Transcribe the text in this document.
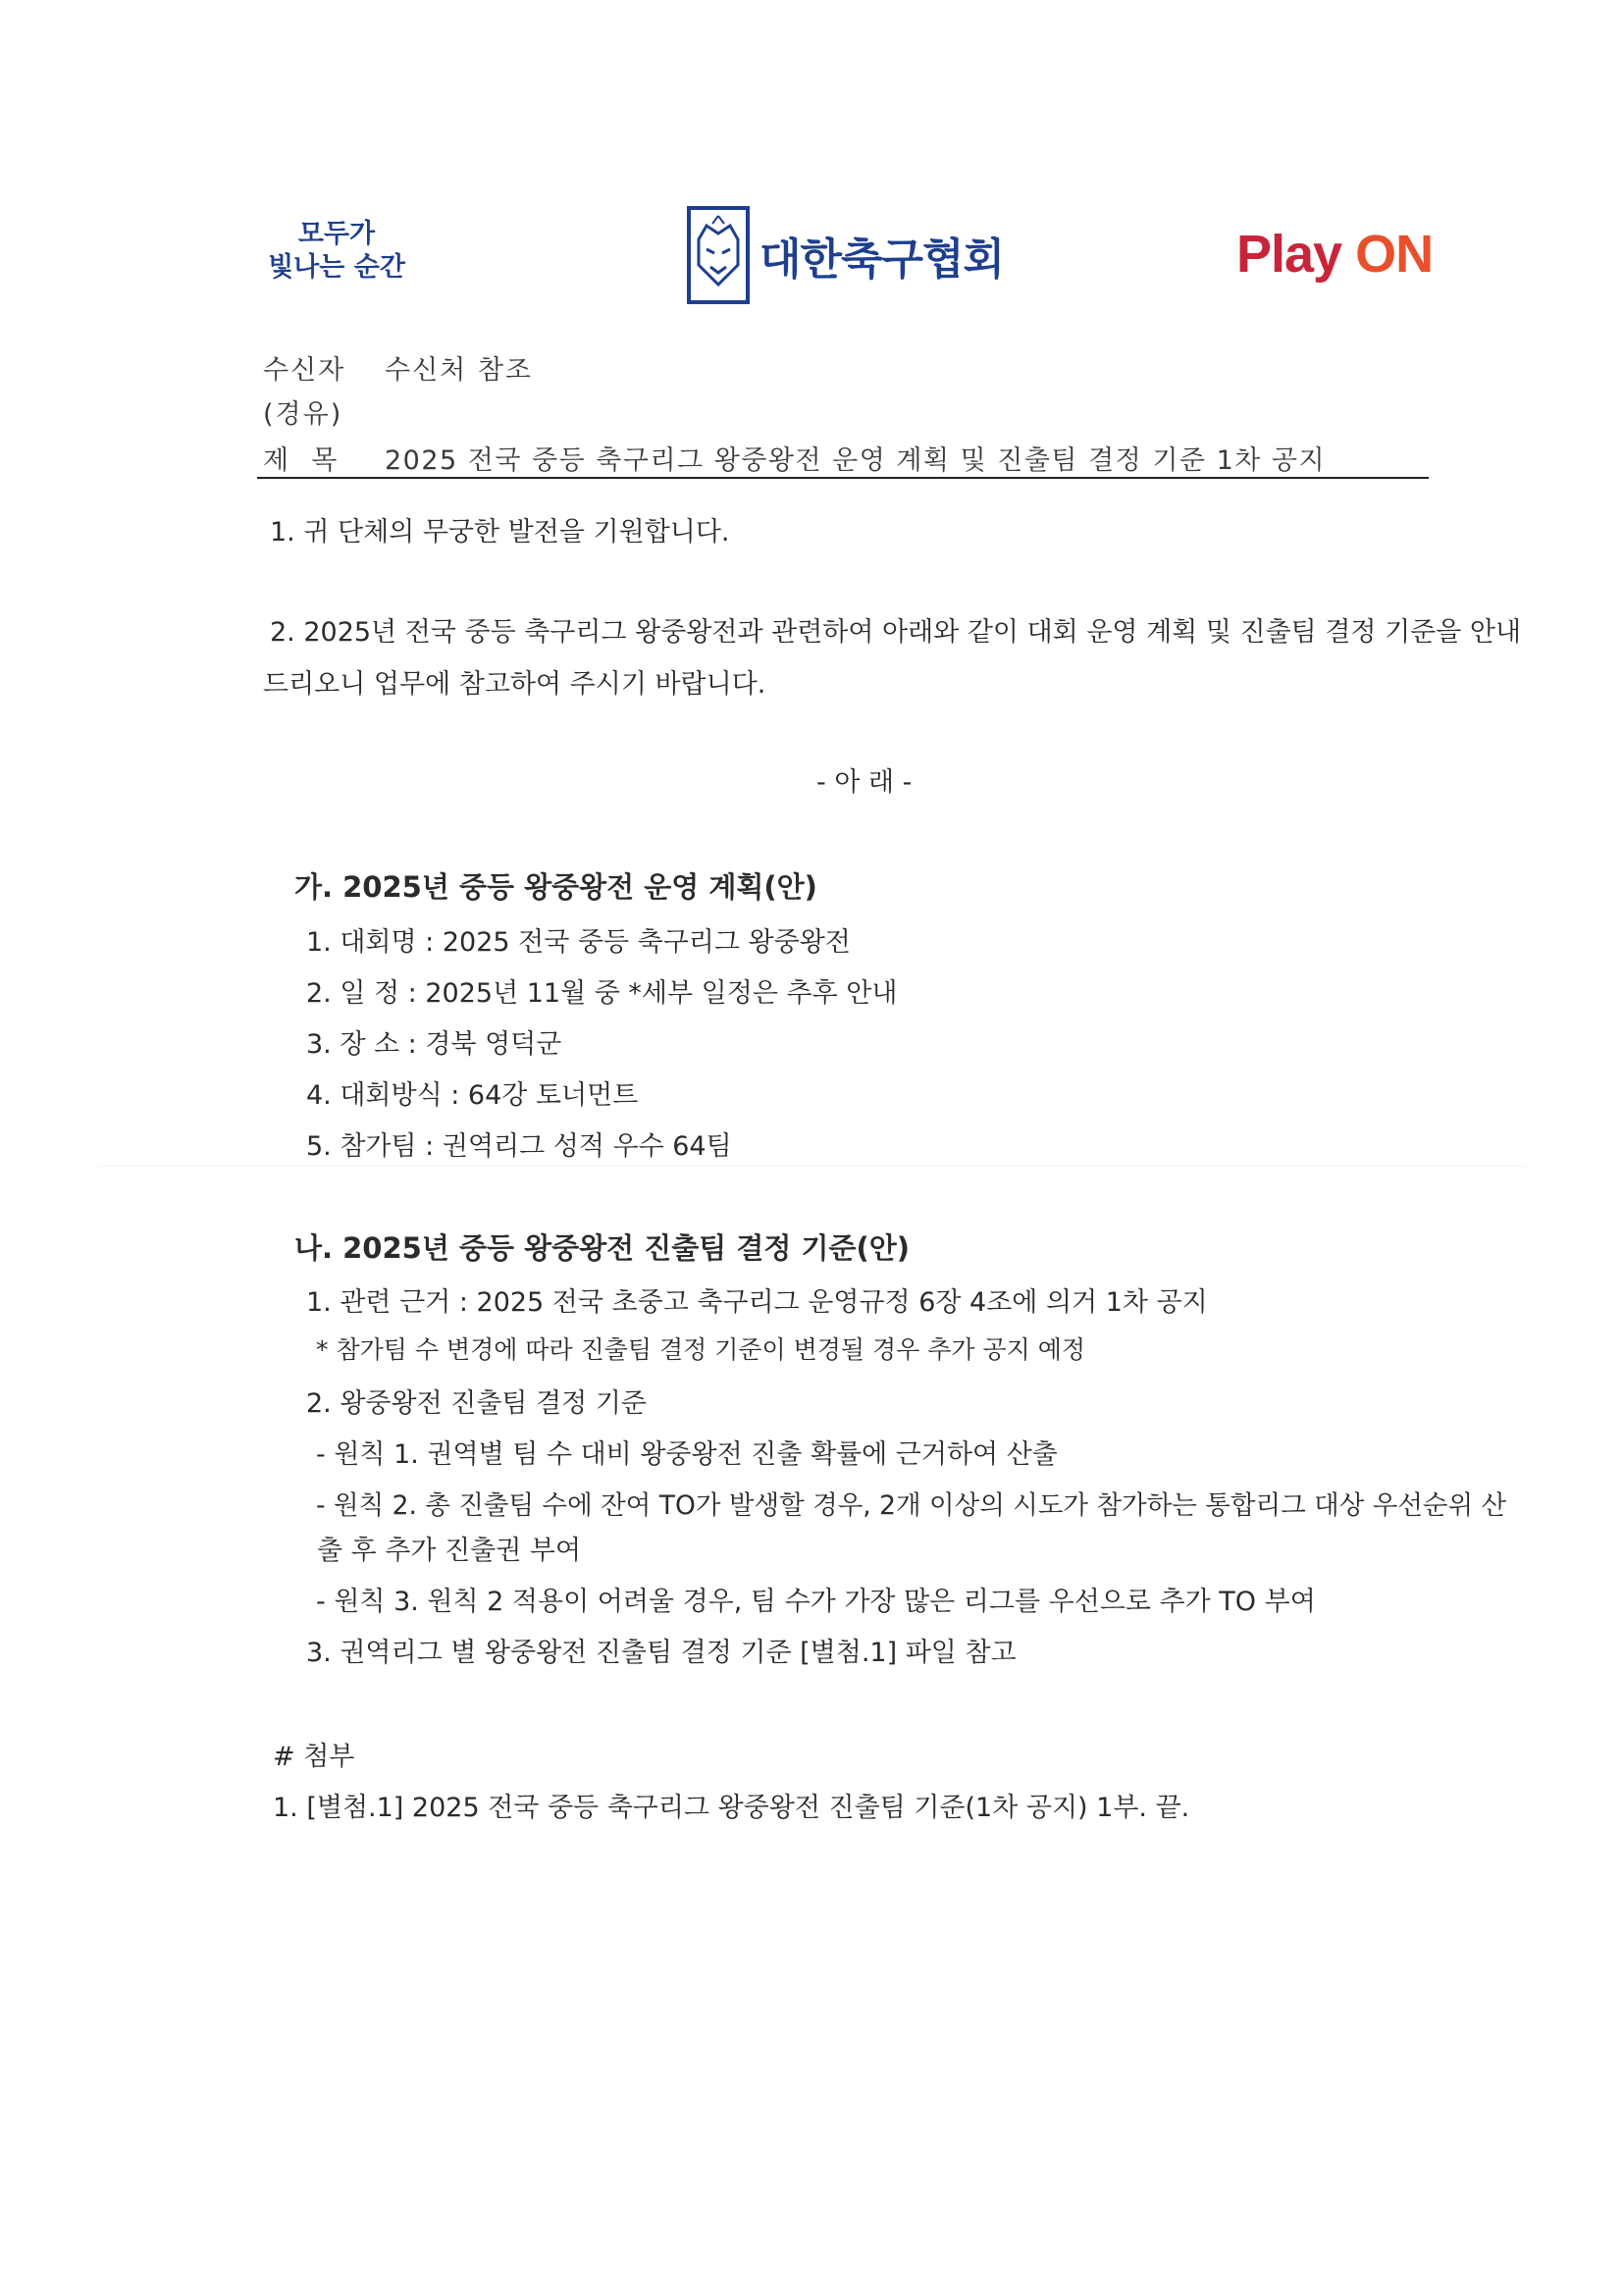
모두가
빛나는 순간	대한축구협회	Play ON
수신자 수신처 참조
(경유)
제  목 2025 전국 중등 축구리그 왕중왕전 운영 계획 및 진출팀 결정 기준 1차 공지
1. 귀 단체의 무궁한 발전을 기원합니다.
2. 2025년 전국 중등 축구리그 왕중왕전과 관련하여 아래와 같이 대회 운영 계획 및 진출팀 결정 기준을 안내
드리오니 업무에 참고하여 주시기 바랍니다.
- 아 래 -
가. 2025년 중등 왕중왕전 운영 계획(안)
1. 대회명 : 2025 전국 중등 축구리그 왕중왕전
2. 일 정 : 2025년 11월 중 *세부 일정은 추후 안내
3. 장 소 : 경북 영덕군
4. 대회방식 : 64강 토너먼트
5. 참가팀 : 권역리그 성적 우수 64팀
나. 2025년 중등 왕중왕전 진출팀 결정 기준(안)
1. 관련 근거 : 2025 전국 초중고 축구리그 운영규정 6장 4조에 의거 1차 공지
* 참가팀 수 변경에 따라 진출팀 결정 기준이 변경될 경우 추가 공지 예정
2. 왕중왕전 진출팀 결정 기준
- 원칙 1. 권역별 팀 수 대비 왕중왕전 진출 확률에 근거하여 산출
- 원칙 2. 총 진출팀 수에 잔여 TO가 발생할 경우, 2개 이상의 시도가 참가하는 통합리그 대상 우선순위 산
출 후 추가 진출권 부여
- 원칙 3. 원칙 2 적용이 어려울 경우, 팀 수가 가장 많은 리그를 우선으로 추가 TO 부여
3. 권역리그 별 왕중왕전 진출팀 결정 기준 [별첨.1] 파일 참고
# 첨부
1. [별첨.1] 2025 전국 중등 축구리그 왕중왕전 진출팀 기준(1차 공지) 1부. 끝.
